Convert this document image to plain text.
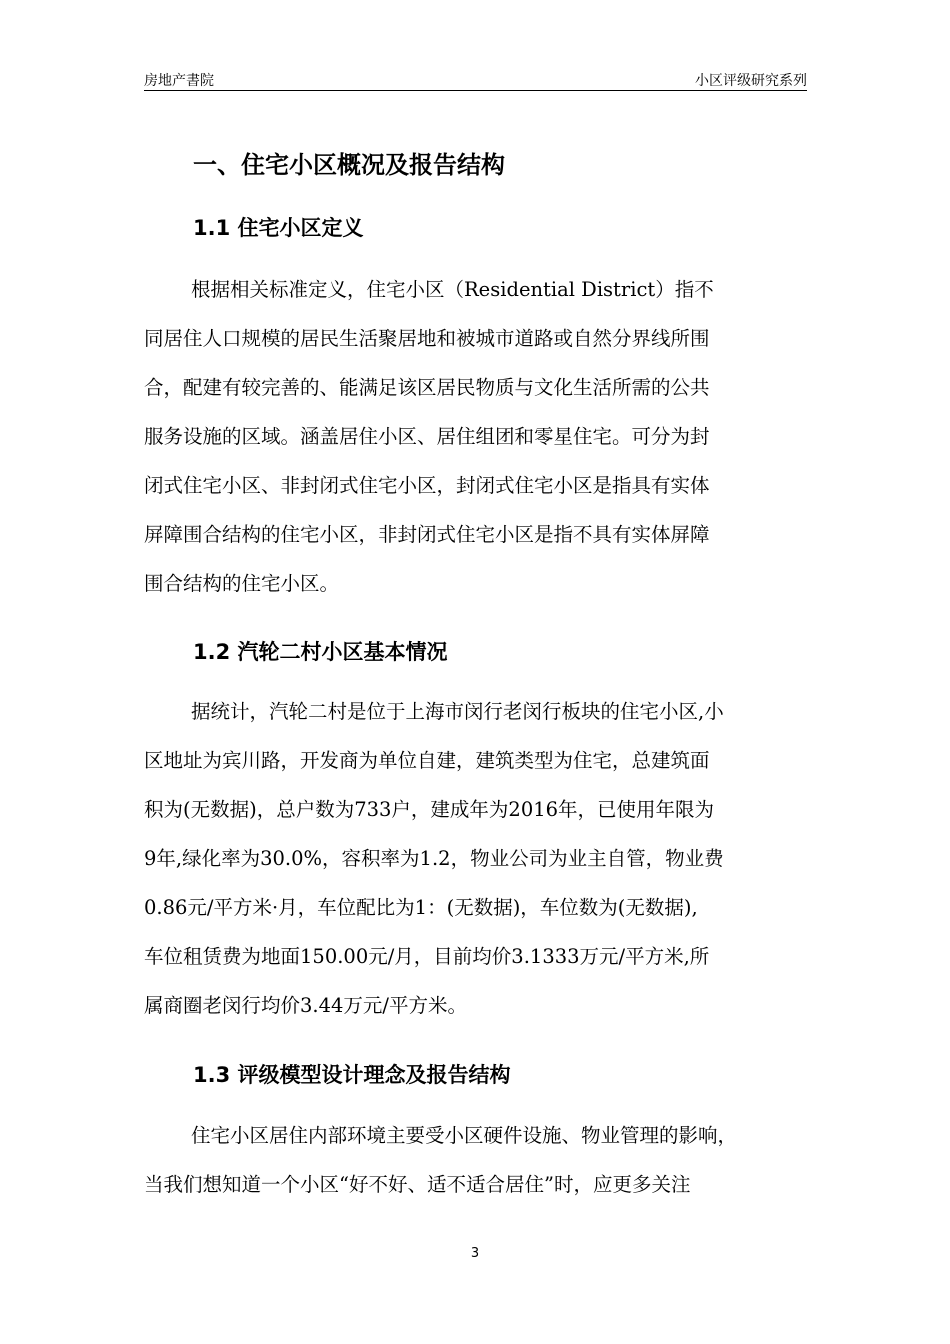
房地产書院	小区评级研究系列
一、住宅小区概况及报告结构
1.1 住宅小区定义
根据相关标准定义，住宅小区（Residential District）指不
同居住人口规模的居民生活聚居地和被城市道路或自然分界线所围
合，配建有较完善的、能满足该区居民物质与文化生活所需的公共
服务设施的区域。涵盖居住小区、居住组团和零星住宅。可分为封
闭式住宅小区、非封闭式住宅小区，封闭式住宅小区是指具有实体
屏障围合结构的住宅小区，非封闭式住宅小区是指不具有实体屏障
围合结构的住宅小区。
1.2 汽轮二村小区基本情况
据统计，汽轮二村是位于上海市闵行老闵行板块的住宅小区,小
区地址为宾川路，开发商为单位自建，建筑类型为住宅，总建筑面
积为(无数据)，总户数为733户，建成年为2016年，已使用年限为
9年,绿化率为30.0%，容积率为1.2，物业公司为业主自管，物业费
0.86元/平方米·月，车位配比为1：(无数据)，车位数为(无数据),
车位租赁费为地面150.00元/月，目前均价3.1333万元/平方米,所
属商圈老闵行均价3.44万元/平方米。
1.3 评级模型设计理念及报告结构
住宅小区居住内部环境主要受小区硬件设施、物业管理的影响，
当我们想知道一个小区“好不好、适不适合居住”时，应更多关注
3
